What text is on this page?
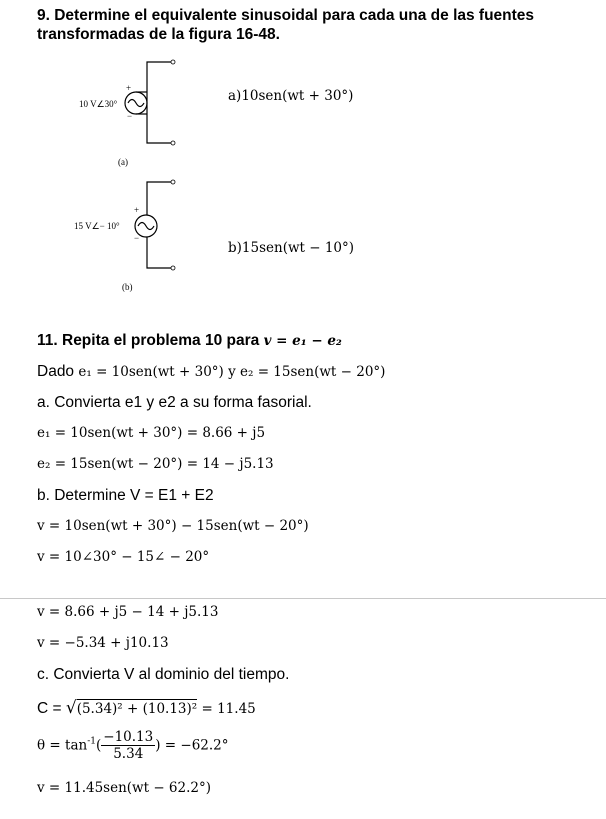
9. Determine el equivalente sinusoidal para cada una de las fuentes
transformadas de la figura 16-48.
+
−
10 V∠30°
(a)
a)10sen(wt + 30°)
+
−
15 V∠− 10°
(b)
b)15sen(wt − 10°)
11. Repita el problema 10 para v = e₁ − e₂
Dado e₁ = 10sen(wt + 30°) y e₂ = 15sen(wt − 20°)
a. Convierta e1 y e2 a su forma fasorial.
e₁ = 10sen(wt + 30°) = 8.66 + j5
e₂ = 15sen(wt − 20°) = 14 − j5.13
b. Determine V = E1 + E2
v = 10sen(wt + 30°) − 15sen(wt − 20°)
v = 10∠30° − 15∠ − 20°
v = 8.66 + j5 − 14 + j5.13
v = −5.34 + j10.13
c. Convierta V al dominio del tiempo.
C = √(5.34)² + (10.13)² = 11.45
$\theta = \tan^{-1}( \frac{-10.13}{5.34}$ ) = −62.2°
v = 11.45sen(wt − 62.2°)
